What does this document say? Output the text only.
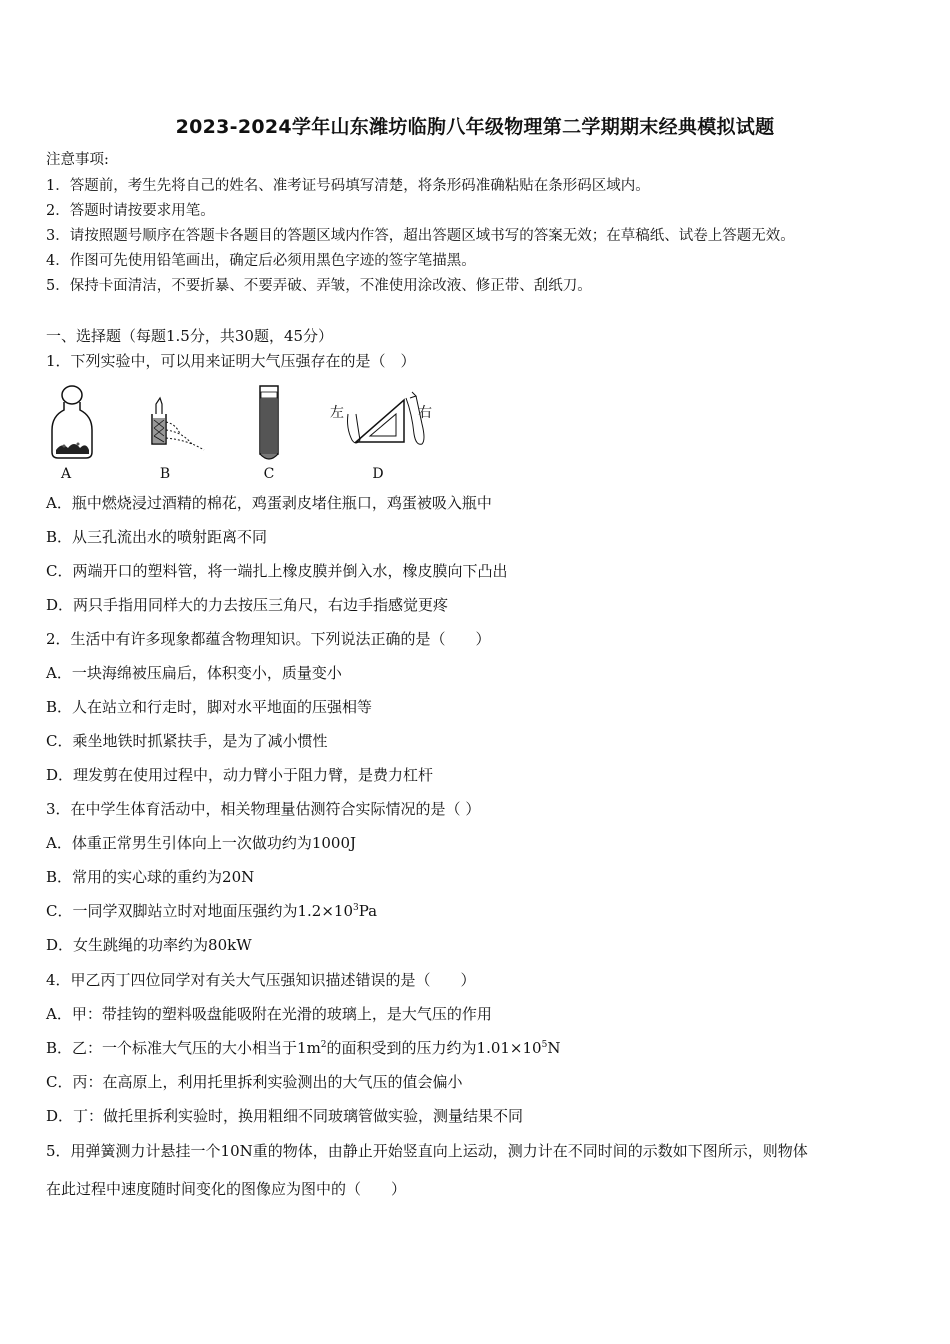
2023-2024学年山东潍坊临朐八年级物理第二学期期末经典模拟试题
注意事项:
1．答题前，考生先将自己的姓名、准考证号码填写清楚，将条形码准确粘贴在条形码区域内。
2．答题时请按要求用笔。
3．请按照题号顺序在答题卡各题目的答题区域内作答，超出答题区域书写的答案无效；在草稿纸、试卷上答题无效。
4．作图可先使用铅笔画出，确定后必须用黑色字迹的签字笔描黑。
5．保持卡面清洁，不要折暴、不要弄破、弄皱，不准使用涂改液、修正带、刮纸刀。
一、选择题（每题1.5分，共30题，45分）
1．下列实验中，可以用来证明大气压强存在的是（　）
A	B	C
左	右
D
A．瓶中燃烧浸过酒精的棉花，鸡蛋剥皮堵住瓶口，鸡蛋被吸入瓶中
B．从三孔流出水的喷射距离不同
C．两端开口的塑料管，将一端扎上橡皮膜并倒入水，橡皮膜向下凸出
D．两只手指用同样大的力去按压三角尺，右边手指感觉更疼
2．生活中有许多现象都蕴含物理知识。下列说法正确的是（　　）
A．一块海绵被压扁后，体积变小，质量变小
B．人在站立和行走时，脚对水平地面的压强相等
C．乘坐地铁时抓紧扶手，是为了减小惯性
D．理发剪在使用过程中，动力臂小于阻力臂，是费力杠杆
3．在中学生体育活动中，相关物理量估测符合实际情况的是（ ）
A．体重正常男生引体向上一次做功约为1000J
B．常用的实心球的重约为20N
C．一同学双脚站立时对地面压强约为$1.2\times 10^3Pa$
D．女生跳绳的功率约为80kW
4．甲乙丙丁四位同学对有关大气压强知识描述错误的是（　　）
A．甲：带挂钩的塑料吸盘能吸附在光滑的玻璃上，是大气压的作用
B．乙：一个标准大气压的大小相当于$1m^2$的面积受到的压力约为$1.01\times 10^5N$
C．丙：在高原上，利用托里拆利实验测出的大气压的值会偏小
D．丁：做托里拆利实验时，换用粗细不同玻璃管做实验，测量结果不同
5．用弹簧测力计悬挂一个10N重的物体，由静止开始竖直向上运动，测力计在不同时间的示数如下图所示，则物体
在此过程中速度随时间变化的图像应为图中的（　　）
